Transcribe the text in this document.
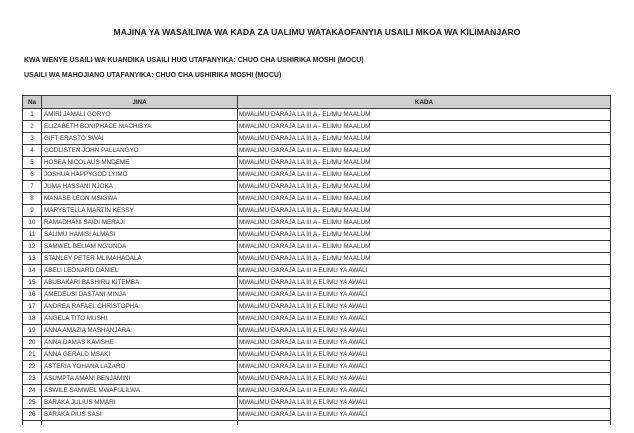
MAJINA YA WASAILIWA WA KADA ZA UALIMU WATAKAOFANYIA USAILI MKOA WA KILIMANJARO
KWA WENYE USAILI WA KUANDIKA USAILI HUO UTAFANYIKA: CHUO CHA USHIRIKA MOSHI (MOCU)
USAILI WA MAHOJIANO UTAFANYIKA: CHUO CHA USHIRIKA MOSHI (MOCU)
Na	JINA	KADA
1	AMIRI JAMALI GORYO	MWALIMU DARAJA LA III A - ELIMU MAALUM
2	ELIZABETH BONIPHACE MACHIBYA	MWALIMU DARAJA LA III A - ELIMU MAALUM
3	GIFT ERASTO SWAI	MWALIMU DARAJA LA III A - ELIMU MAALUM
4	GODLISTEN JOHN PALLANGYO	MWALIMU DARAJA LA III A - ELIMU MAALUM
5	HOSEA NICOLAUS MNDEME	MWALIMU DARAJA LA III A - ELIMU MAALUM
6	JOSHUA HAPPYGOD LYIMO	MWALIMU DARAJA LA III A - ELIMU MAALUM
7	JUMA HASSANI NJOKA	MWALIMU DARAJA LA III A - ELIMU MAALUM
8	MANASE LEON MSIGWA	MWALIMU DARAJA LA III A - ELIMU MAALUM
9	MARYSTELLA MARTIN KESSY	MWALIMU DARAJA LA III A - ELIMU MAALUM
10	RAMADHANI SAIDI MERAJI	MWALIMU DARAJA LA III A - ELIMU MAALUM
11	SALIMU HAMISI ALMASI	MWALIMU DARAJA LA III A - ELIMU MAALUM
12	SAMWEL BELIAM NG'UNDA	MWALIMU DARAJA LA III A - ELIMU MAALUM
13	STANLEY PETER MLIMAHADALA	MWALIMU DARAJA LA III A - ELIMU MAALUM
14	ABELI LEONARD DANIEL	MWALIMU DARAJA LA III A ELIMU YA AWALI
15	ABUBAKARI BASHIRU KITEMBA	MWALIMU DARAJA LA III A ELIMU YA AWALI
16	AMEDEUSI DASTANI MINJA	MWALIMU DARAJA LA III A ELIMU YA AWALI
17	ANDREA RAFAEL CHRISTOPHA	MWALIMU DARAJA LA III A ELIMU YA AWALI
18	ANGELA TITO MUSHI	MWALIMU DARAJA LA III A ELIMU YA AWALI
19	ANNA AMAZIA MASHANJARA	MWALIMU DARAJA LA III A ELIMU YA AWALI
20	ANNA DAMAS KAVISHE	MWALIMU DARAJA LA III A ELIMU YA AWALI
21	ANNA GERALD MSAKI	MWALIMU DARAJA LA III A ELIMU YA AWALI
22	ASTERIA YOHANA LAZARO	MWALIMU DARAJA LA III A ELIMU YA AWALI
23	ASUMPTA AMANI BENJAMINI	MWALIMU DARAJA LA III A ELIMU YA AWALI
24	ASWILE SAMWEL MWAFULILWA	MWALIMU DARAJA LA III A ELIMU YA AWALI
25	BARAKA JULIUS MMARI	MWALIMU DARAJA LA III A ELIMU YA AWALI
26	BARAKA PIUS SASI	MWALIMU DARAJA LA III A ELIMU YA AWALI
